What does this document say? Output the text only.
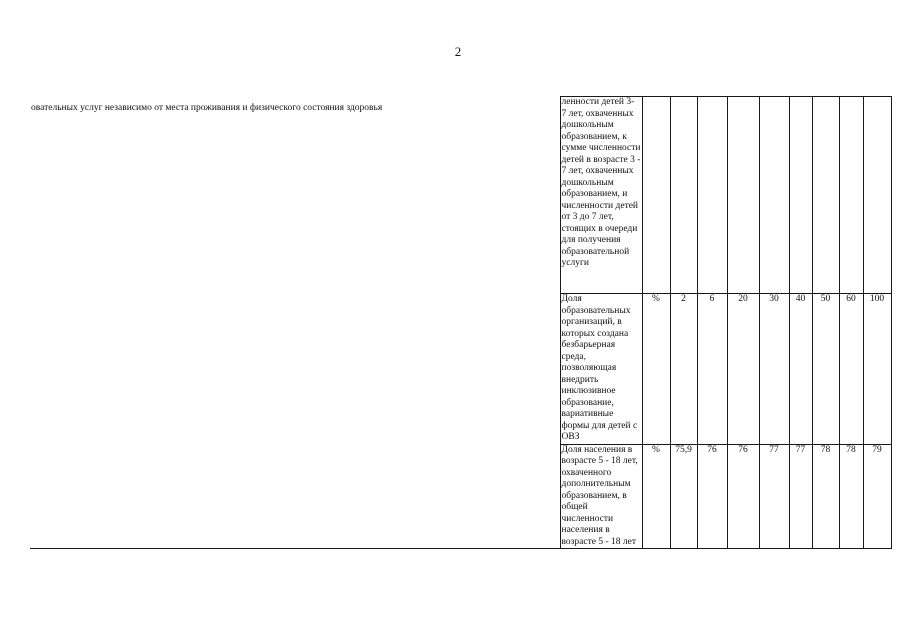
2
овательных услуг независимо от места проживания и физического состояния здоровья	ленности детей 3- 7 лет, охваченных дошкольным образованием, к сумме численности детей в возрасте 3 - 7 лет, охваченных дошкольным образованием, и численности детей от 3 до 7 лет, стоящих в очереди для получения образовательной услуги									
	Доля образовательных организаций, в которых создана безбарьерная среда, позволяющая внедрить инклюзивное образование, вариативные формы для детей с ОВЗ	%	2	6	20	30	40	50	60	100
	Доля населения в возрасте 5 - 18 лет, охваченного дополнительным образованием, в общей численности населения в возрасте 5 - 18 лет	%	75,9	76	76	77	77	78	78	79
